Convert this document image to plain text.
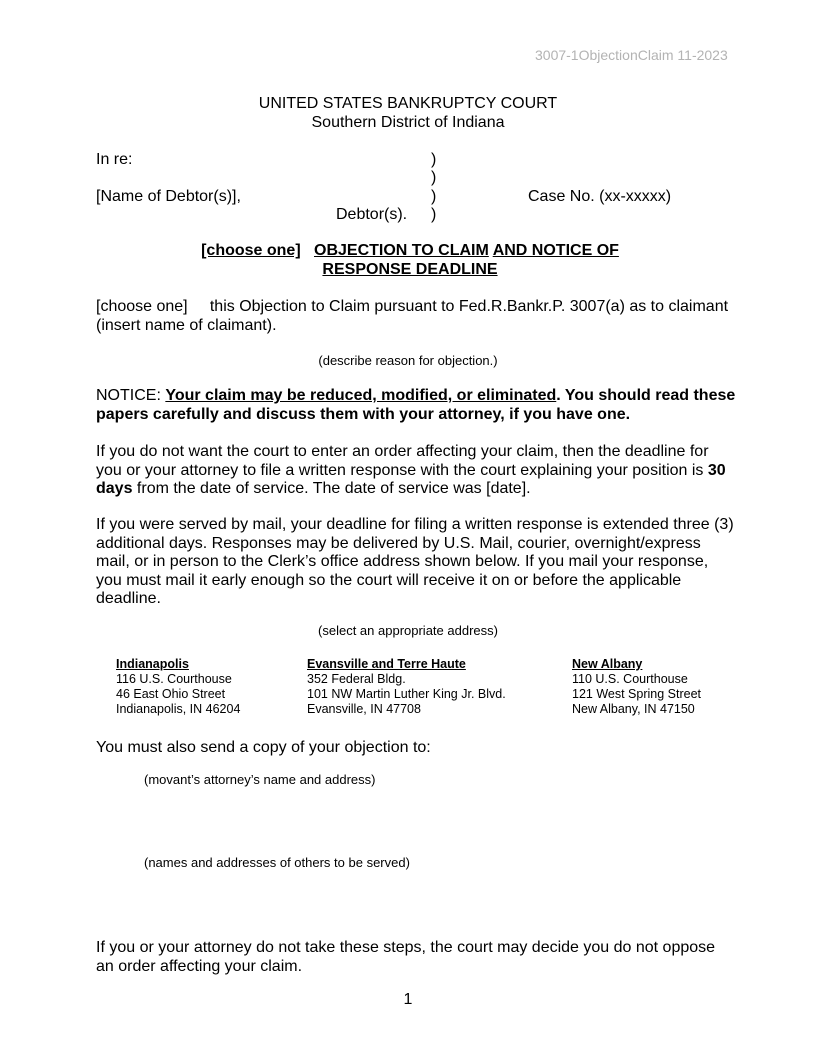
3007-1ObjectionClaim 11-2023
UNITED STATES BANKRUPTCY COURT
Southern District of Indiana
In re:
[Name of Debtor(s)],
Debtor(s).
)
)
)
)
Case No. (xx-xxxxx)
[choose one] OBJECTION TO CLAIM AND NOTICE OF
RESPONSE DEADLINE
[choose one] this Objection to Claim pursuant to Fed.R.Bankr.P. 3007(a) as to claimant (insert name of claimant).
(describe reason for objection.)
NOTICE: Your claim may be reduced, modified, or eliminated. You should read these papers carefully and discuss them with your attorney, if you have one.
If you do not want the court to enter an order affecting your claim, then the deadline for you or your attorney to file a written response with the court explaining your position is 30 days from the date of service. The date of service was [date].
If you were served by mail, your deadline for filing a written response is extended three (3) additional days. Responses may be delivered by U.S. Mail, courier, overnight/express mail, or in person to the Clerk’s office address shown below. If you mail your response, you must mail it early enough so the court will receive it on or before the applicable deadline.
(select an appropriate address)
Indianapolis
116 U.S. Courthouse
46 East Ohio Street
Indianapolis, IN 46204
Evansville and Terre Haute
352 Federal Bldg.
101 NW Martin Luther King Jr. Blvd.
Evansville, IN 47708
New Albany
110 U.S. Courthouse
121 West Spring Street
New Albany, IN 47150
You must also send a copy of your objection to:
(movant’s attorney’s name and address)
(names and addresses of others to be served)
If you or your attorney do not take these steps, the court may decide you do not oppose an order affecting your claim.
1
